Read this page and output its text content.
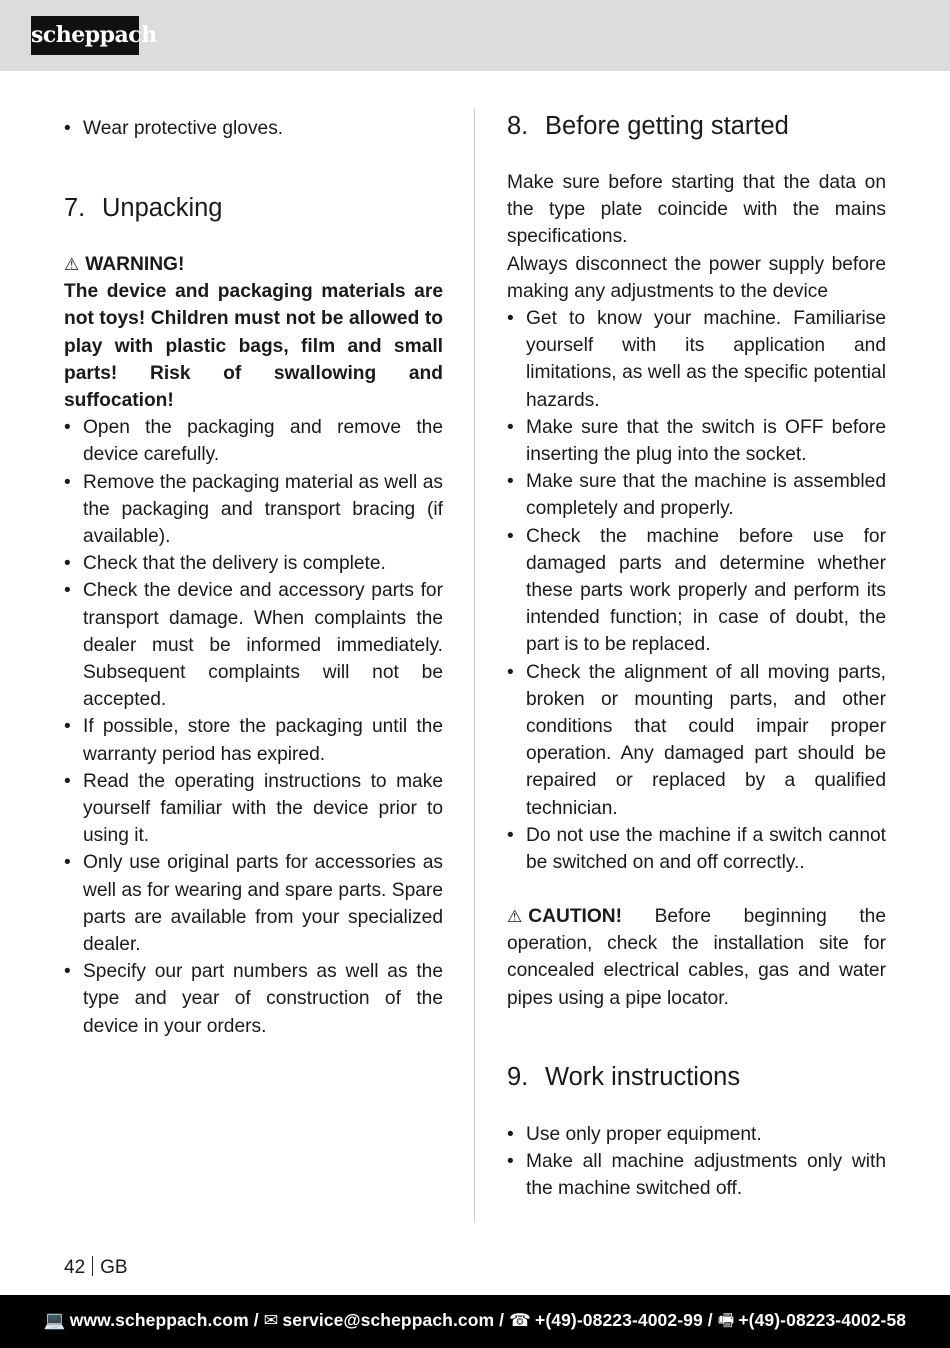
scheppach
• Wear protective gloves.
7. Unpacking

⚠ WARNING!

The device and packaging materials are not toys! Children must not be allowed to play with plastic bags, film and small parts! Risk of swallowing and suffocation!

• Open the packaging and remove the device carefully.
• Remove the packaging material as well as the packaging and transport bracing (if available).
• Check that the delivery is complete.
• Check the device and accessory parts for transport damage. When complaints the dealer must be informed immediately. Subsequent complaints will not be accepted.
• If possible, store the packaging until the warranty period has expired.
• Read the operating instructions to make yourself familiar with the device prior to using it.
• Only use original parts for accessories as well as for wearing and spare parts. Spare parts are available from your specialized dealer.
• Specify our part numbers as well as the type and year of construction of the device in your orders.
8. Before getting started

Make sure before starting that the data on the type plate coincide with the mains specifications.

Always disconnect the power supply before making any adjustments to the device

• Get to know your machine. Familiarise yourself with its application and limitations, as well as the specific potential hazards.
• Make sure that the switch is OFF before inserting the plug into the socket.
• Make sure that the machine is assembled completely and properly.
• Check the machine before use for damaged parts and determine whether these parts work properly and perform its intended function; in case of doubt, the part is to be replaced.
• Check the alignment of all moving parts, broken or mounting parts, and other conditions that could impair proper operation. Any damaged part should be repaired or replaced by a qualified technician.
• Do not use the machine if a switch cannot be switched on and off correctly..

⚠ CAUTION! Before beginning the operation, check the installation site for concealed electrical cables, gas and water pipes using a pipe locator.

9. Work instructions
• Use only proper equipment.
• Make all machine adjustments only with the machine switched off.
42 GB
💻 www.scheppach.com / ✉ service@scheppach.com / ☎ +(49)-08223-4002-99 / 🖷 +(49)-08223-4002-58
